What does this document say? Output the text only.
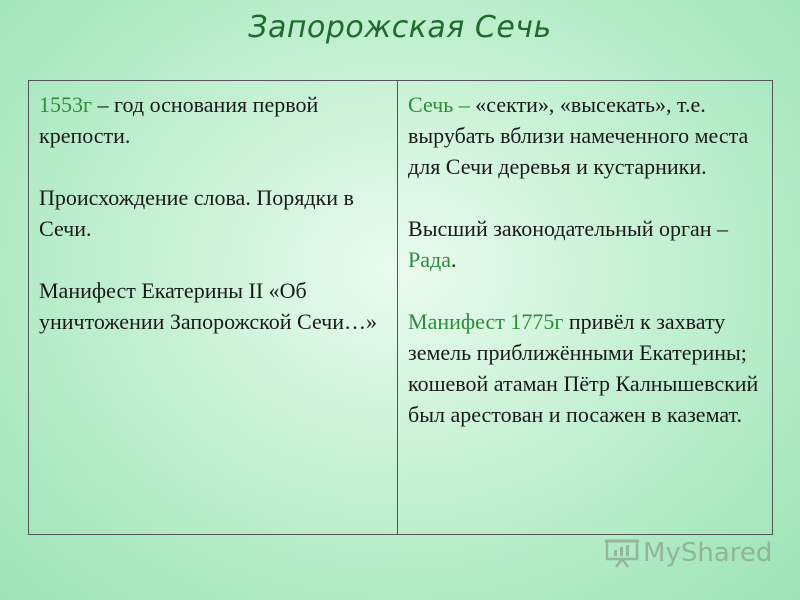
Запорожская Сечь

1553г – год основания первой крепости.

Происхождение слова. Порядки в Сечи.

Манифест Екатерины II «Об уничтожении Запорожской Сечи…»

Сечь – «секти», «высекать», т.е. вырубать вблизи намеченного места для Сечи деревья и кустарники.

Высший законодательный орган – Рада.

Манифест 1775г привёл к захвату земель приближёнными Екатерины; кошевой атаман Пётр Калнышевский был арестован и посажен в каземат.

MyShared
